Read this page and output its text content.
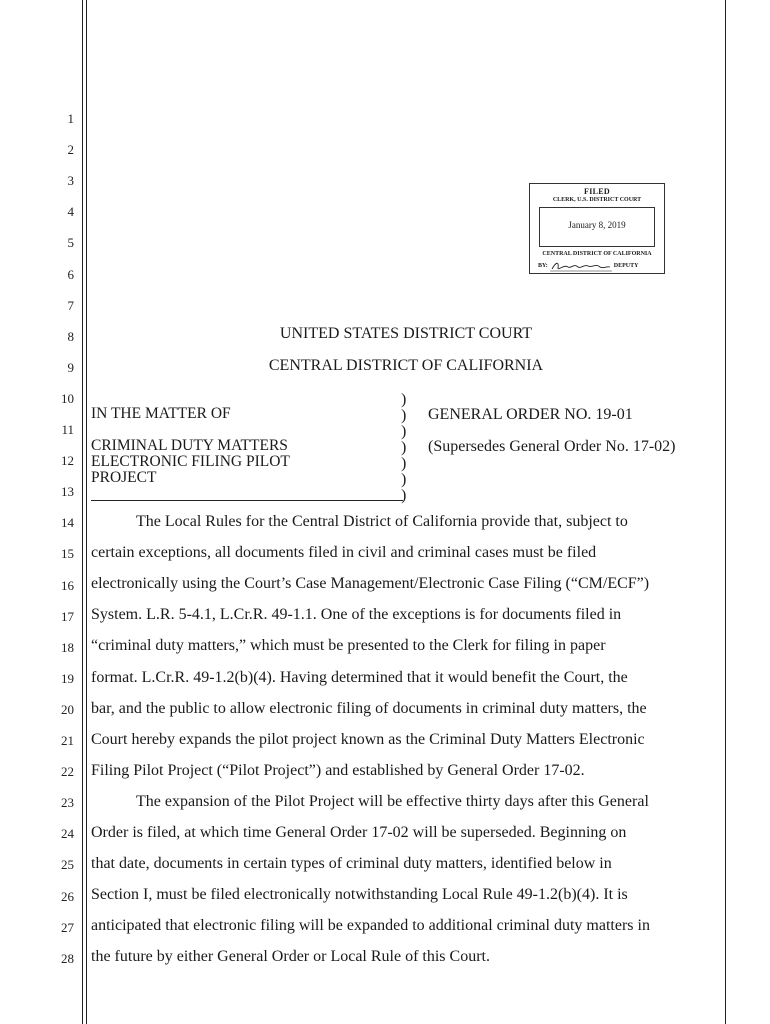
1
2
3
4
5
6
7
8
9
10
11
12
13
14
15
16
17
18
19
20
21
22
23
24
25
26
27
28
FILED
CLERK, U.S. DISTRICT COURT
January 8, 2019
CENTRAL DISTRICT OF CALIFORNIA
BY:	DEPUTY
UNITED STATES DISTRICT COURT
CENTRAL DISTRICT OF CALIFORNIA
IN THE MATTER OF
CRIMINAL DUTY MATTERS
ELECTRONIC FILING PILOT
PROJECT
)
)
)
)
)
)
)
GENERAL ORDER NO. 19-01
(Supersedes General Order No. 17-02)
The Local Rules for the Central District of California provide that, subject to
certain exceptions, all documents filed in civil and criminal cases must be filed
electronically using the Court’s Case Management/Electronic Case Filing (“CM/ECF”)
System. L.R. 5-4.1, L.Cr.R. 49-1.1. One of the exceptions is for documents filed in
“criminal duty matters,” which must be presented to the Clerk for filing in paper
format. L.Cr.R. 49-1.2(b)(4). Having determined that it would benefit the Court, the
bar, and the public to allow electronic filing of documents in criminal duty matters, the
Court hereby expands the pilot project known as the Criminal Duty Matters Electronic
Filing Pilot Project (“Pilot Project”) and established by General Order 17-02.
The expansion of the Pilot Project will be effective thirty days after this General
Order is filed, at which time General Order 17-02 will be superseded. Beginning on
that date, documents in certain types of criminal duty matters, identified below in
Section I, must be filed electronically notwithstanding Local Rule 49-1.2(b)(4). It is
anticipated that electronic filing will be expanded to additional criminal duty matters in
the future by either General Order or Local Rule of this Court.
